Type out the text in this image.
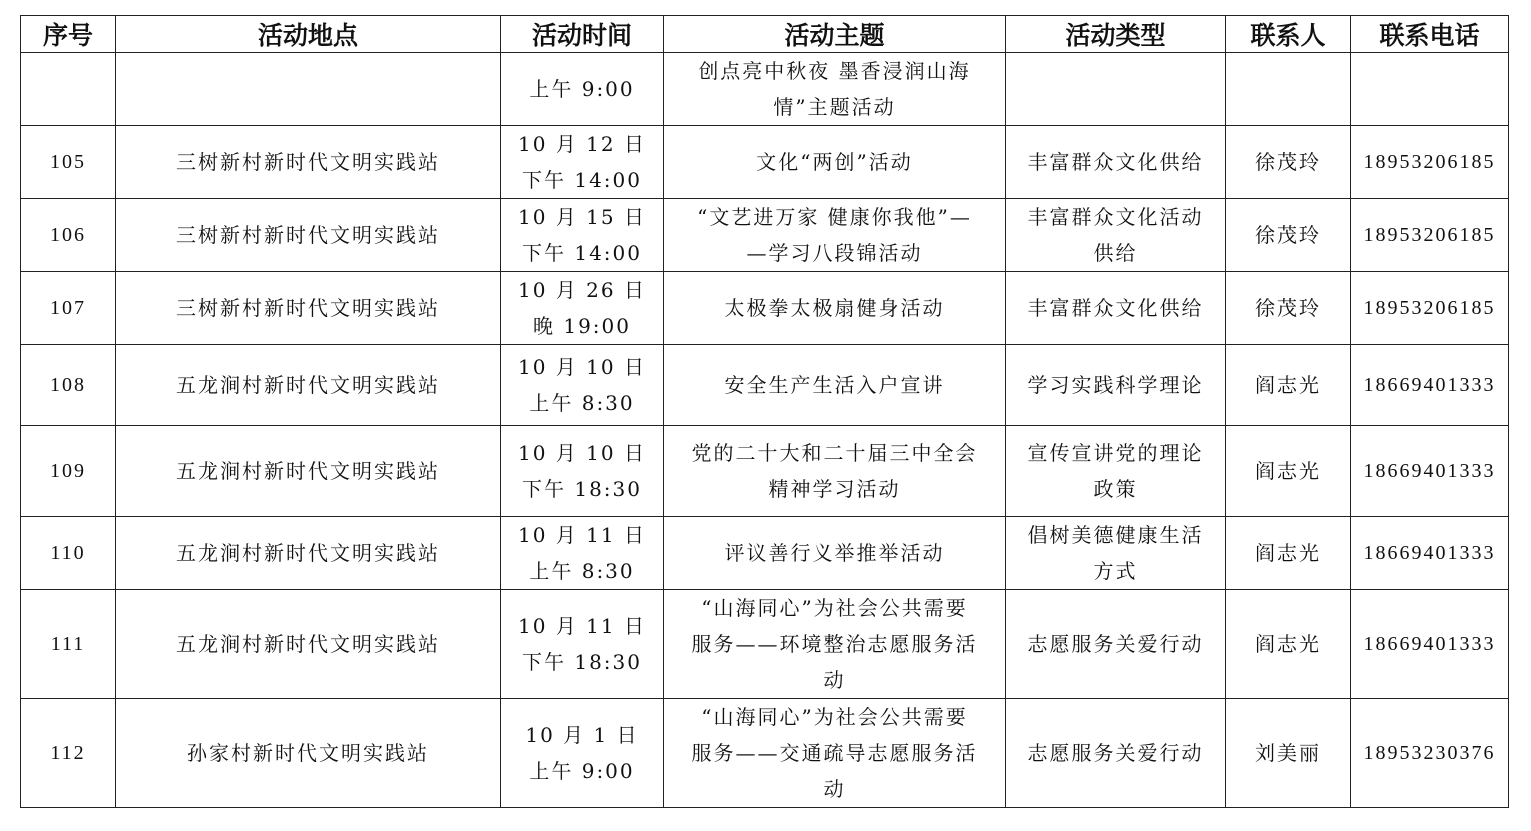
序号	活动地点	活动时间	活动主题	活动类型	联系人	联系电话

		上午 9:00	创点亮中秋夜 墨香浸润山海
情”主题活动			

105	三树新村新时代文明实践站	10 月 12 日
下午 14:00	文化“两创”活动	丰富群众文化供给	徐茂玲	18953206185
106	三树新村新时代文明实践站	10 月 15 日
下午 14:00	“文艺进万家 健康你我他”—
—学习八段锦活动	丰富群众文化活动
供给	徐茂玲	18953206185
107	三树新村新时代文明实践站	10 月 26 日
晚 19:00	太极拳太极扇健身活动	丰富群众文化供给	徐茂玲	18953206185
108	五龙涧村新时代文明实践站	10 月 10 日
上午 8:30	安全生产生活入户宣讲	学习实践科学理论	阎志光	18669401333
109	五龙涧村新时代文明实践站	10 月 10 日
下午 18:30	党的二十大和二十届三中全会
精神学习活动	宣传宣讲党的理论
政策	阎志光	18669401333
110	五龙涧村新时代文明实践站	10 月 11 日
上午 8:30	评议善行义举推举活动	倡树美德健康生活
方式	阎志光	18669401333
111	五龙涧村新时代文明实践站	10 月 11 日
下午 18:30	“山海同心”为社会公共需要
服务——环境整治志愿服务活
动	志愿服务关爱行动	阎志光	18669401333
112	孙家村新时代文明实践站	10 月 1 日
上午 9:00	“山海同心”为社会公共需要
服务——交通疏导志愿服务活
动	志愿服务关爱行动	刘美丽	18953230376
